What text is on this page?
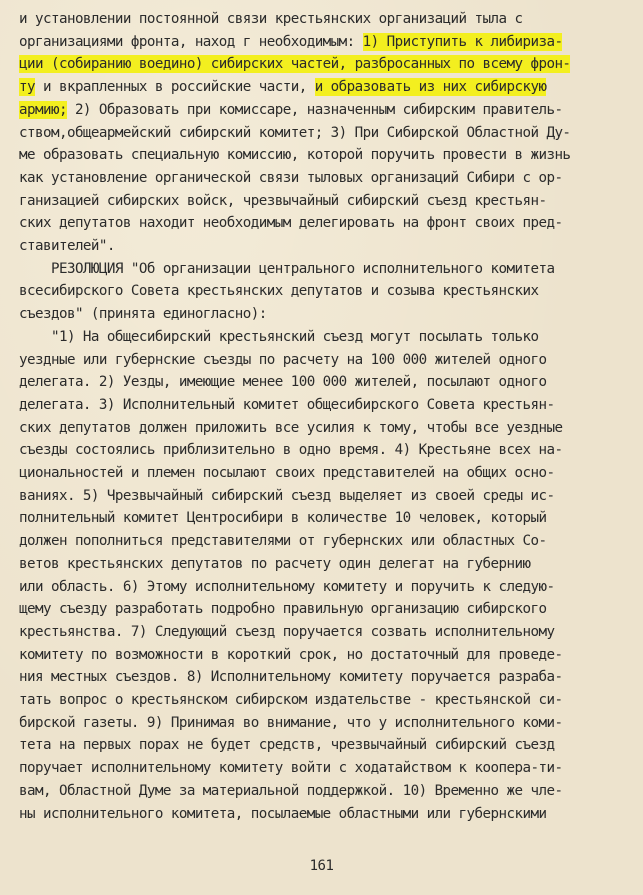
и установлении постоянной связи крестьянских организаций тыла с
организациями фронта, наход г необходимым: 1) Приступить к либириза-
ции (собиранию воедино) сибирских частей, разбросанных по всему фрон-
ту и вкрапленных в российские части, и образовать из них сибирскую
армию; 2) Образовать при комиссаре, назначенным сибирским правитель-
ством,общеармейский сибирский комитет; 3) При Сибирской Областной Ду-
ме образовать специальную комиссию, которой поручить провести в жизнь
как установление органической связи тыловых организаций Сибири с ор-
ганизацией сибирских войск, чрезвычайный сибирский съезд крестьян-
ских депутатов находит необходимым делегировать на фронт своих пред-
ставителей".
РЕЗОЛЮЦИЯ "Об организации центрального исполнительного комитета
всесибирского Совета крестьянских депутатов и созыва крестьянских
съездов" (принята единогласно):
"1) На общесибирский крестьянский съезд могут посылать только
уездные или губернские съезды по расчету на 100 000 жителей одного
делегата. 2) Уезды, имеющие менее 100 000 жителей, посылают одного
делегата. 3) Исполнительный комитет общесибирского Совета крестьян-
ских депутатов должен приложить все усилия к тому, чтобы все уездные
съезды состоялись приблизительно в одно время. 4) Крестьяне всех на-
циональностей и племен посылают своих представителей на общих осно-
ваниях. 5) Чрезвычайный сибирский съезд выделяет из своей среды ис-
полнительный комитет Центросибири в количестве 10 человек, который
должен пополниться представителями от губернских или областных Со-
ветов крестьянских депутатов по расчету один делегат на губернию
или область. 6) Этому исполнительному комитету и поручить к следую-
щему съезду разработать подробно правильную организацию сибирского
крестьянства. 7) Следующий съезд поручается созвать исполнительному
комитету по возможности в короткий срок, но достаточный для проведе-
ния местных съездов. 8) Исполнительному комитету поручается разраба-
тать вопрос о крестьянском сибирском издательстве - крестьянской си-
бирской газеты. 9) Принимая во внимание, что у исполнительного коми-
тета на первых порах не будет средств, чрезвычайный сибирский съезд
поручает исполнительному комитету войти с ходатайством к коопера-ти-
вам, Областной Думе за материальной поддержкой. 10) Временно же чле-
ны исполнительного комитета, посылаемые областными или губернскими
161
